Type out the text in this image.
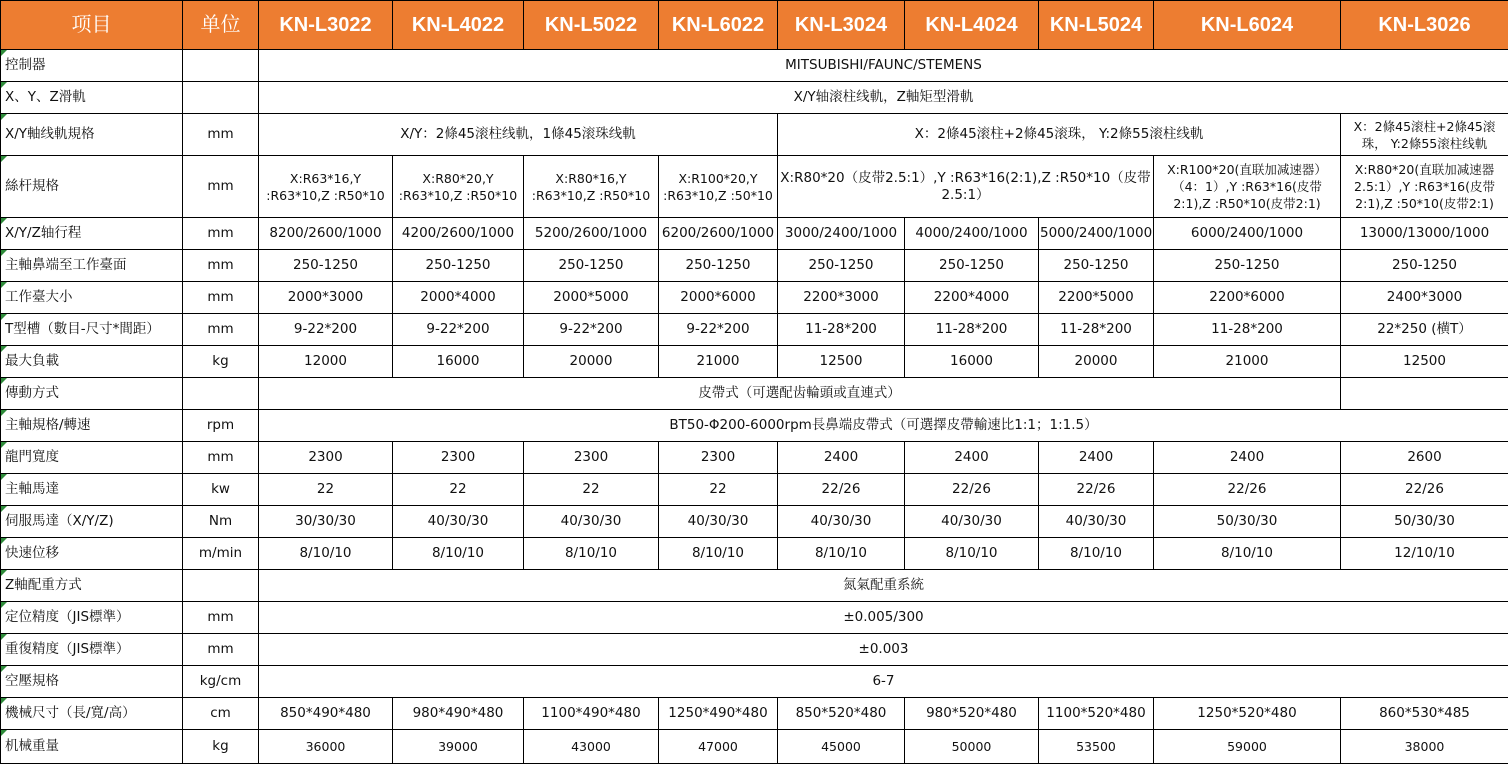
项目	单位	KN-L3022	KN-L4022	KN-L5022	KN-L6022	KN-L3024	KN-L4024	KN-L5024	KN-L6024	KN-L3026
控制器		MITSUBISHI/FAUNC/STEMENS								
X、Y、Z滑軌		X/Y轴滚柱线軌，Z軸矩型滑軌								
X/Y軸线軌規格	mm	X/Y：2條45滚柱线軌，1條45滚珠线軌				X：2條45滚柱+2條45滚珠， Y:2條55滚柱线軌				X：2條45滚柱+2條45滚珠， Y:2條55滚柱线軌
絲杆規格	mm	X:R63*16,Y :R63*10,Z :R50*10	X:R80*20,Y :R63*10,Z :R50*10	X:R80*16,Y :R63*10,Z :R50*10	X:R100*20,Y :R63*10,Z :50*10	X:R80*20（皮带2.5:1）,Y :R63*16(2:1),Z :R50*10（皮带2.5:1）			X:R100*20(直联加减速器）（4：1）,Y :R63*16(皮带2:1),Z :R50*10(皮带2:1)	X:R80*20(直联加减速器2.5:1）,Y :R63*16(皮带2:1),Z :50*10(皮带2:1)
X/Y/Z轴行程	mm	8200/2600/1000	4200/2600/1000	5200/2600/1000	6200/2600/1000	3000/2400/1000	4000/2400/1000	5000/2400/1000	6000/2400/1000	13000/13000/1000
主軸鼻端至工作臺面	mm	250-1250	250-1250	250-1250	250-1250	250-1250	250-1250	250-1250	250-1250	250-1250
工作臺大小	mm	2000*3000	2000*4000	2000*5000	2000*6000	2200*3000	2200*4000	2200*5000	2200*6000	2400*3000
T型槽（數目-尺寸*間距）	mm	9-22*200	9-22*200	9-22*200	9-22*200	11-28*200	11-28*200	11-28*200	11-28*200	22*250 (横T）
最大負載	kg	12000	16000	20000	21000	12500	16000	20000	21000	12500
傳動方式		皮帶式（可選配齿輪頭或直連式）								
主軸規格/轉速	rpm	BT50-Φ200-6000rpm長鼻端皮帶式（可選擇皮帶輸速比1:1；1:1.5）								
龍門寬度	mm	2300	2300	2300	2300	2400	2400	2400	2400	2600
主軸馬達	kw	22	22	22	22	22/26	22/26	22/26	22/26	22/26
伺服馬達（X/Y/Z)	Nm	30/30/30	40/30/30	40/30/30	40/30/30	40/30/30	40/30/30	40/30/30	50/30/30	50/30/30
快速位移	m/min	8/10/10	8/10/10	8/10/10	8/10/10	8/10/10	8/10/10	8/10/10	8/10/10	12/10/10
Z軸配重方式		氮氣配重系統								
定位精度（JIS標準）	mm	±0.005/300								
重復精度（JIS標準）	mm	±0.003								
空壓規格	kg/cm	6-7								
機械尺寸（長/寬/高）	cm	850*490*480	980*490*480	1100*490*480	1250*490*480	850*520*480	980*520*480	1100*520*480	1250*520*480	860*530*485
机械重量	kg	36000	39000	43000	47000	45000	50000	53500	59000	38000
